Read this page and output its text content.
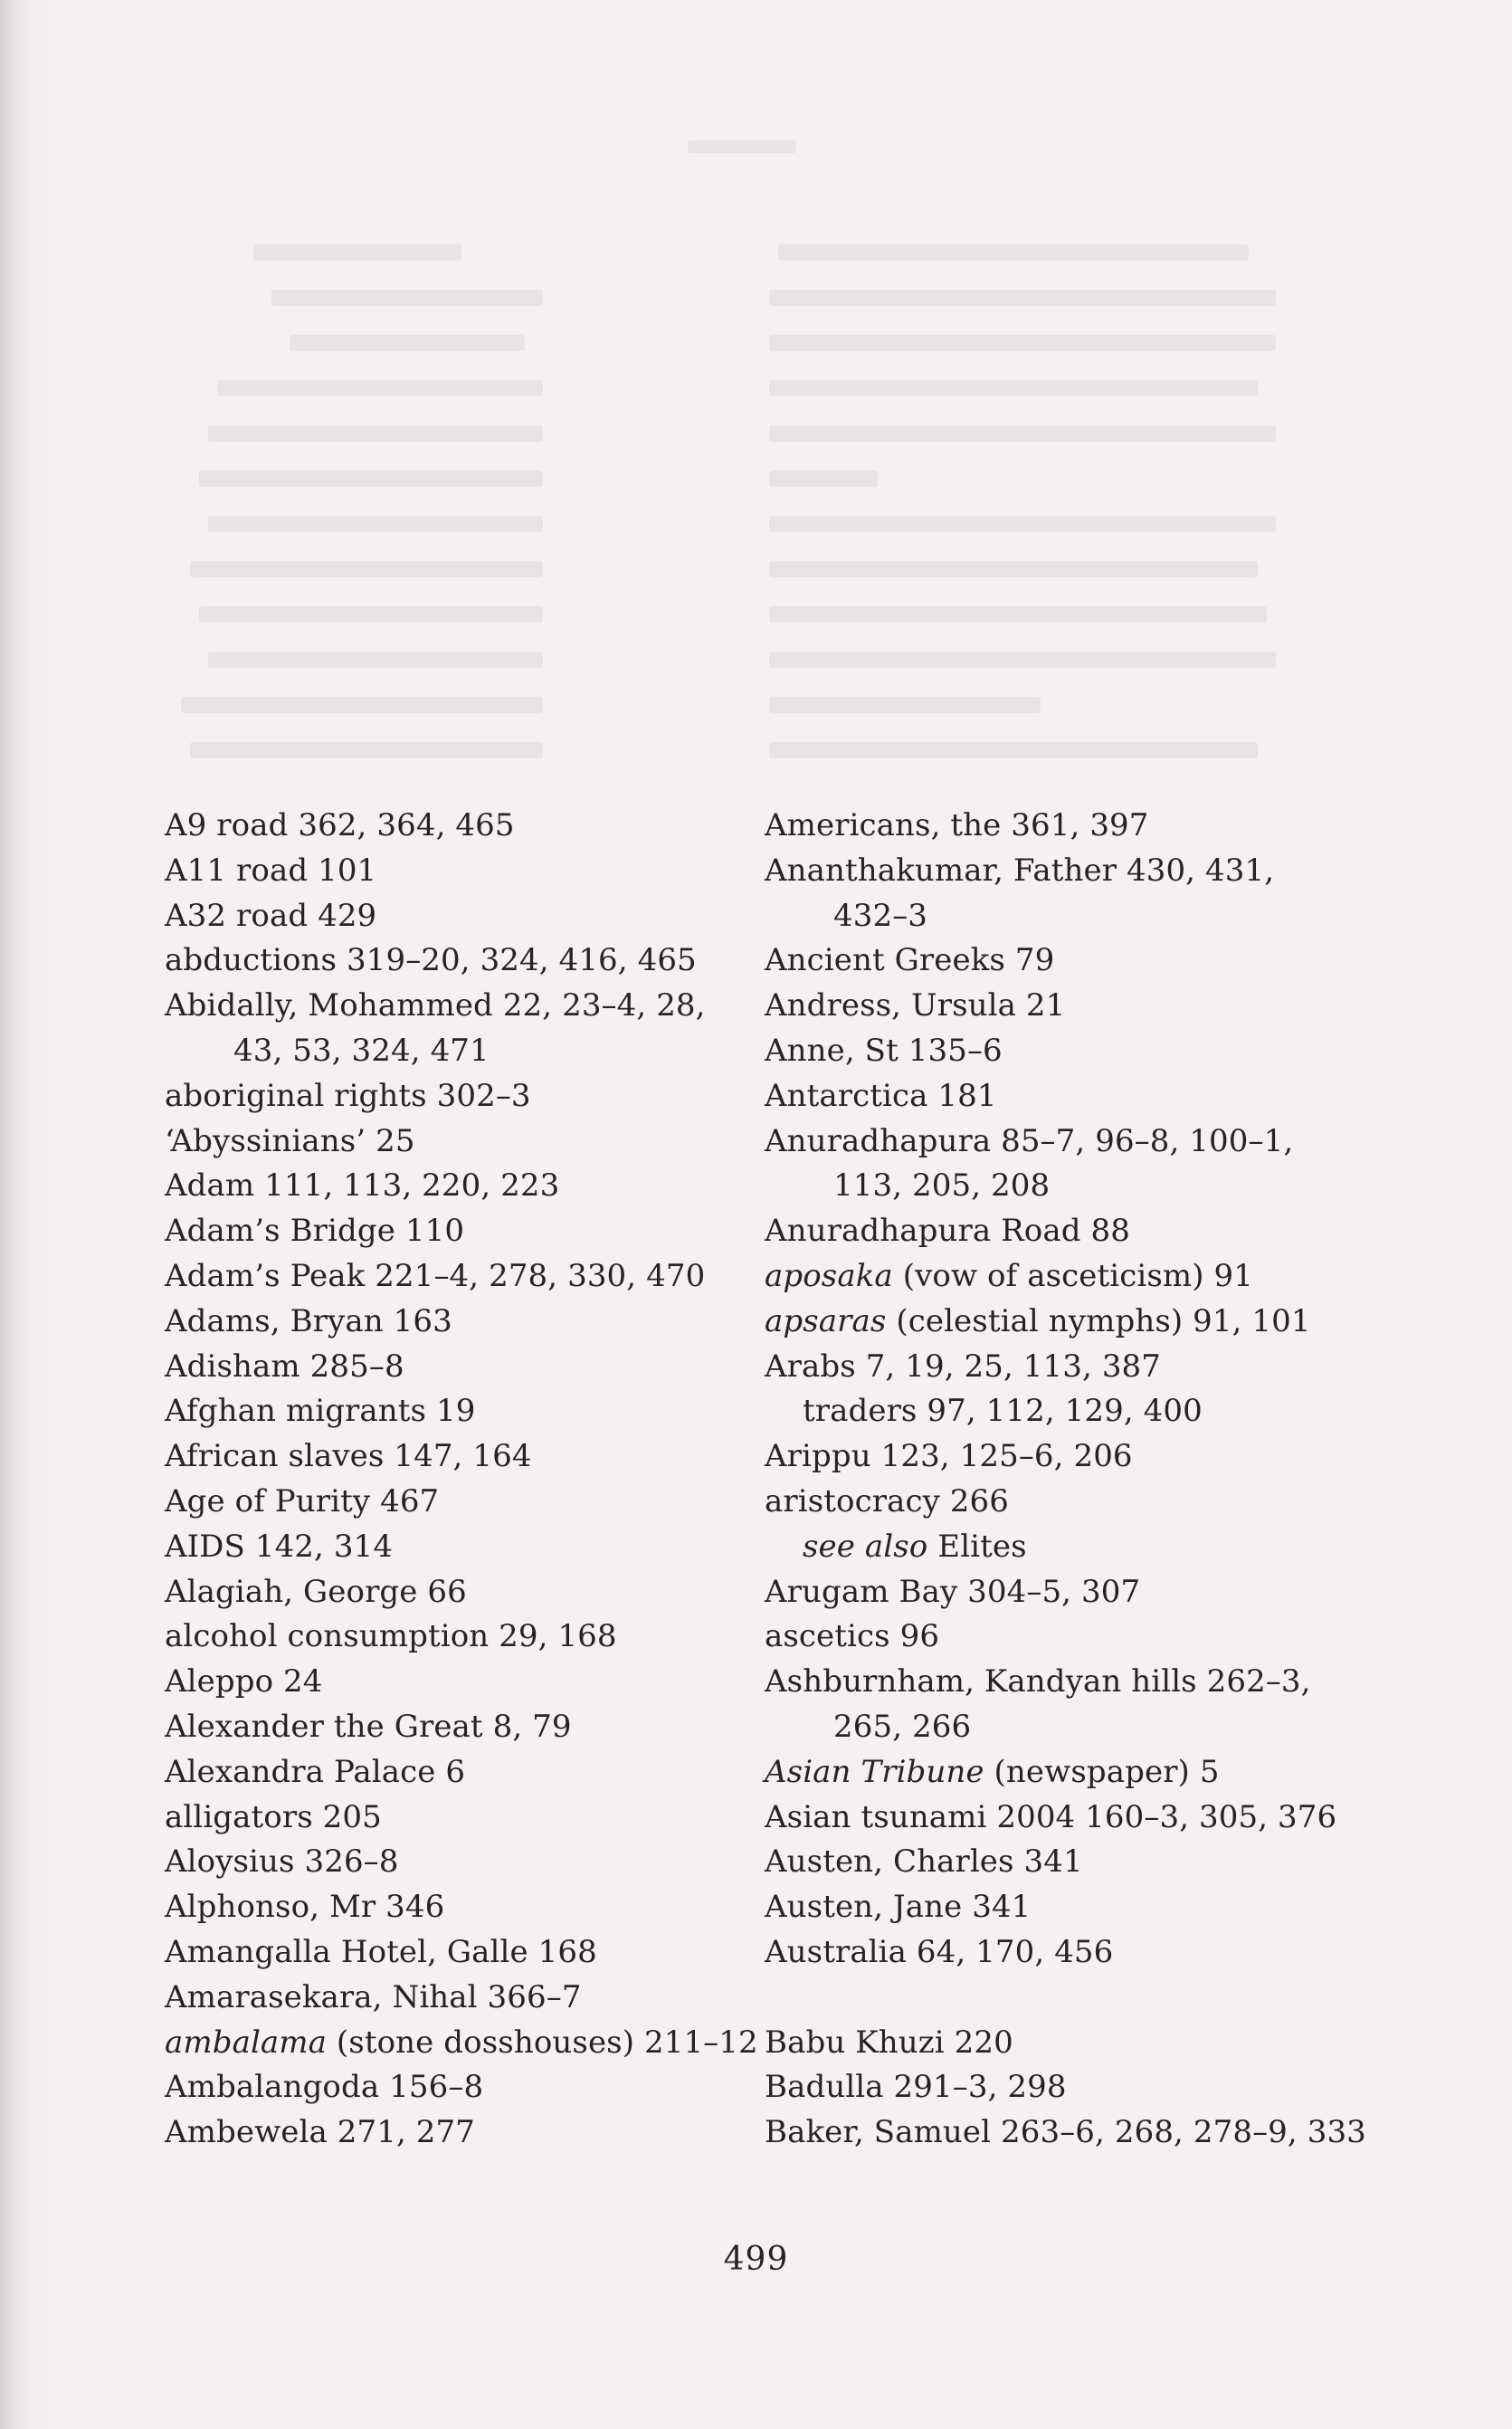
A9 road 362, 364, 465
A11 road 101
A32 road 429
abductions 319–20, 324, 416, 465
Abidally, Mohammed 22, 23–4, 28,
43, 53, 324, 471
aboriginal rights 302–3
‘Abyssinians’ 25
Adam 111, 113, 220, 223
Adam’s Bridge 110
Adam’s Peak 221–4, 278, 330, 470
Adams, Bryan 163
Adisham 285–8
Afghan migrants 19
African slaves 147, 164
Age of Purity 467
AIDS 142, 314
Alagiah, George 66
alcohol consumption 29, 168
Aleppo 24
Alexander the Great 8, 79
Alexandra Palace 6
alligators 205
Aloysius 326–8
Alphonso, Mr 346
Amangalla Hotel, Galle 168
Amarasekara, Nihal 366–7
ambalama (stone dosshouses) 211–12
Ambalangoda 156–8
Ambewela 271, 277
Americans, the 361, 397
Ananthakumar, Father 430, 431,
432–3
Ancient Greeks 79
Andress, Ursula 21
Anne, St 135–6
Antarctica 181
Anuradhapura 85–7, 96–8, 100–1,
113, 205, 208
Anuradhapura Road 88
aposaka (vow of asceticism) 91
apsaras (celestial nymphs) 91, 101
Arabs 7, 19, 25, 113, 387
traders 97, 112, 129, 400
Arippu 123, 125–6, 206
aristocracy 266
see also Elites
Arugam Bay 304–5, 307
ascetics 96
Ashburnham, Kandyan hills 262–3,
265, 266
Asian Tribune (newspaper) 5
Asian tsunami 2004 160–3, 305, 376
Austen, Charles 341
Austen, Jane 341
Australia 64, 170, 456
Babu Khuzi 220
Badulla 291–3, 298
Baker, Samuel 263–6, 268, 278–9, 333
499
